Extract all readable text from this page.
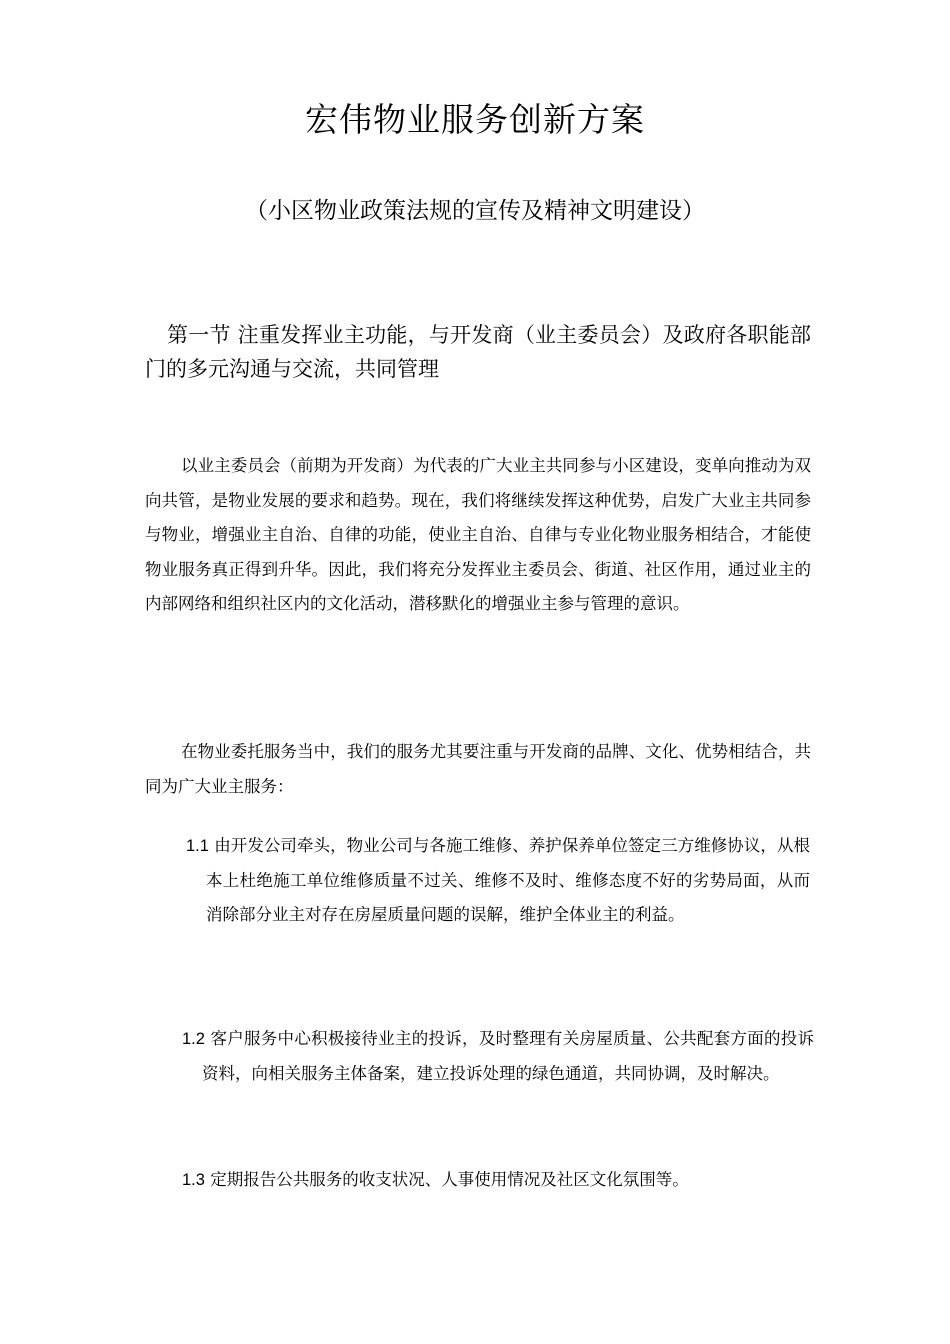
宏伟物业服务创新方案
（小区物业政策法规的宣传及精神文明建设）
第一节 注重发挥业主功能，与开发商（业主委员会）及政府各职能部门的多元沟通与交流，共同管理
以业主委员会（前期为开发商）为代表的广大业主共同参与小区建设，变单向推动为双向共管，是物业发展的要求和趋势。现在，我们将继续发挥这种优势，启发广大业主共同参与物业，增强业主自治、自律的功能，使业主自治、自律与专业化物业服务相结合，才能使物业服务真正得到升华。因此，我们将充分发挥业主委员会、街道、社区作用，通过业主的内部网络和组织社区内的文化活动，潜移默化的增强业主参与管理的意识。
在物业委托服务当中，我们的服务尤其要注重与开发商的品牌、文化、优势相结合，共同为广大业主服务：
1.1 由开发公司牵头，物业公司与各施工维修、养护保养单位签定三方维修协议，从根本上杜绝施工单位维修质量不过关、维修不及时、维修态度不好的劣势局面，从而消除部分业主对存在房屋质量问题的误解，维护全体业主的利益。
1.2 客户服务中心积极接待业主的投诉，及时整理有关房屋质量、公共配套方面的投诉资料，向相关服务主体备案，建立投诉处理的绿色通道，共同协调，及时解决。
1.3 定期报告公共服务的收支状况、人事使用情况及社区文化氛围等。
